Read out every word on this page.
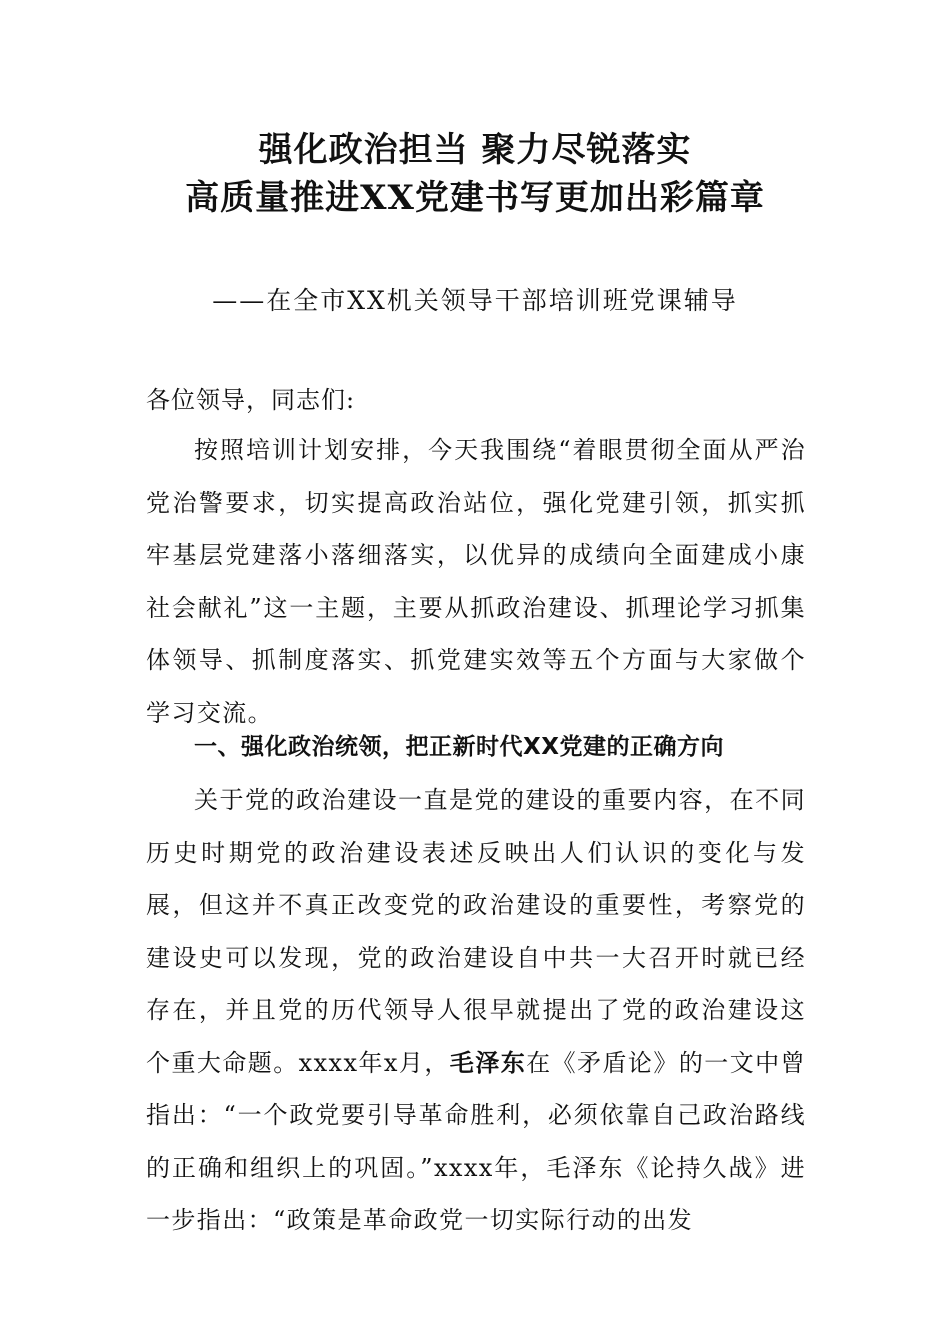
强化政治担当 聚力尽锐落实
高质量推进XX党建书写更加出彩篇章
——在全市XX机关领导干部培训班党课辅导
各位领导，同志们:

按照培训计划安排，今天我围绕“着眼贯彻全面从严治党治警要求，切实提高政治站位，强化党建引领，抓实抓牢基层党建落小落细落实，以优异的成绩向全面建成小康社会献礼”这一主题，主要从抓政治建设、抓理论学习抓集体领导、抓制度落实、抓党建实效等五个方面与大家做个学习交流。

一、强化政治统领，把正新时代XX党建的正确方向

关于党的政治建设一直是党的建设的重要内容，在不同历史时期党的政治建设表述反映出人们认识的变化与发展，但这并不真正改变党的政治建设的重要性，考察党的建设史可以发现，党的政治建设自中共一大召开时就已经存在，并且党的历代领导人很早就提出了党的政治建设这个重大命题。xxxx年x月，毛泽东在《矛盾论》的一文中曾指出：“一个政党要引导革命胜利，必须依靠自己政治路线的正确和组织上的巩固。”xxxx年，毛泽东《论持久战》进一步指出：“政策是革命政党一切实际行动的出发
